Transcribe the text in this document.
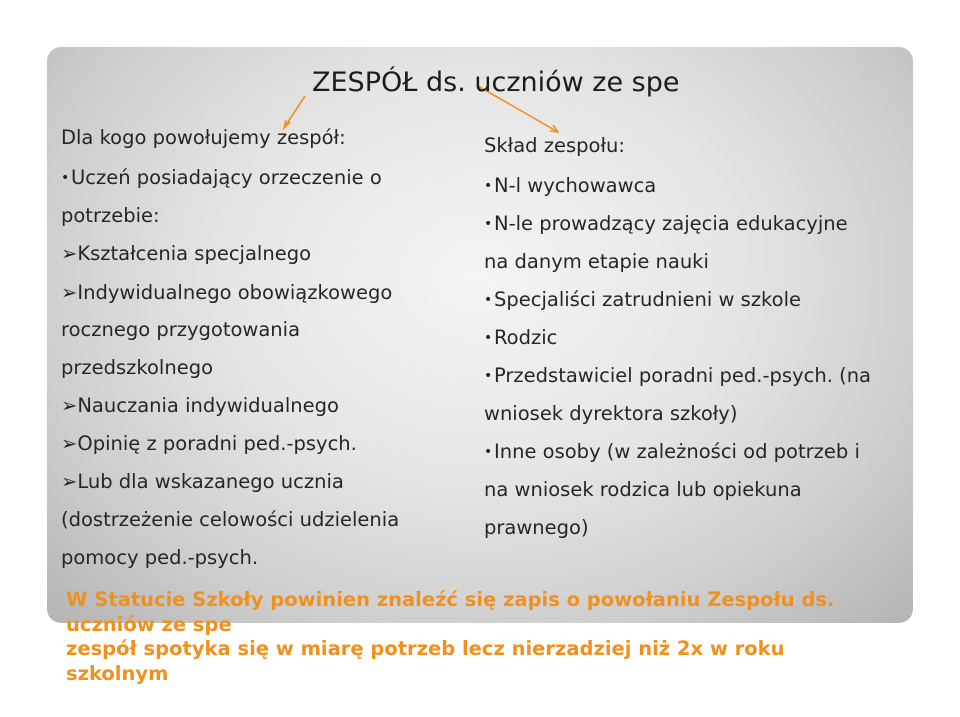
ZESPÓŁ ds. uczniów ze spe

Dla kogo powołujemy zespół:

•Uczeń posiadający orzeczenie o

potrzebie:

➢Kształcenia specjalnego

➢Indywidualnego obowiązkowego

rocznego przygotowania

przedszkolnego

➢Nauczania indywidualnego

➢Opinię z poradni ped.-psych.

➢Lub dla wskazanego ucznia

(dostrzeżenie celowości udzielenia

pomocy ped.-psych.

Skład zespołu:

•N-l wychowawca

•N-le prowadzący zajęcia edukacyjne

na danym etapie nauki

•Specjaliści zatrudnieni w szkole

•Rodzic

•Przedstawiciel poradni ped.-psych. (na

wniosek dyrektora szkoły)

•Inne osoby (w zależności od potrzeb i

na wniosek rodzica lub opiekuna

prawnego)

W Statucie Szkoły powinien znaleźć się zapis o powołaniu Zespołu ds.
uczniów ze spe
zespół spotyka się w miarę potrzeb lecz nierzadziej niż 2x w roku
szkolnym
